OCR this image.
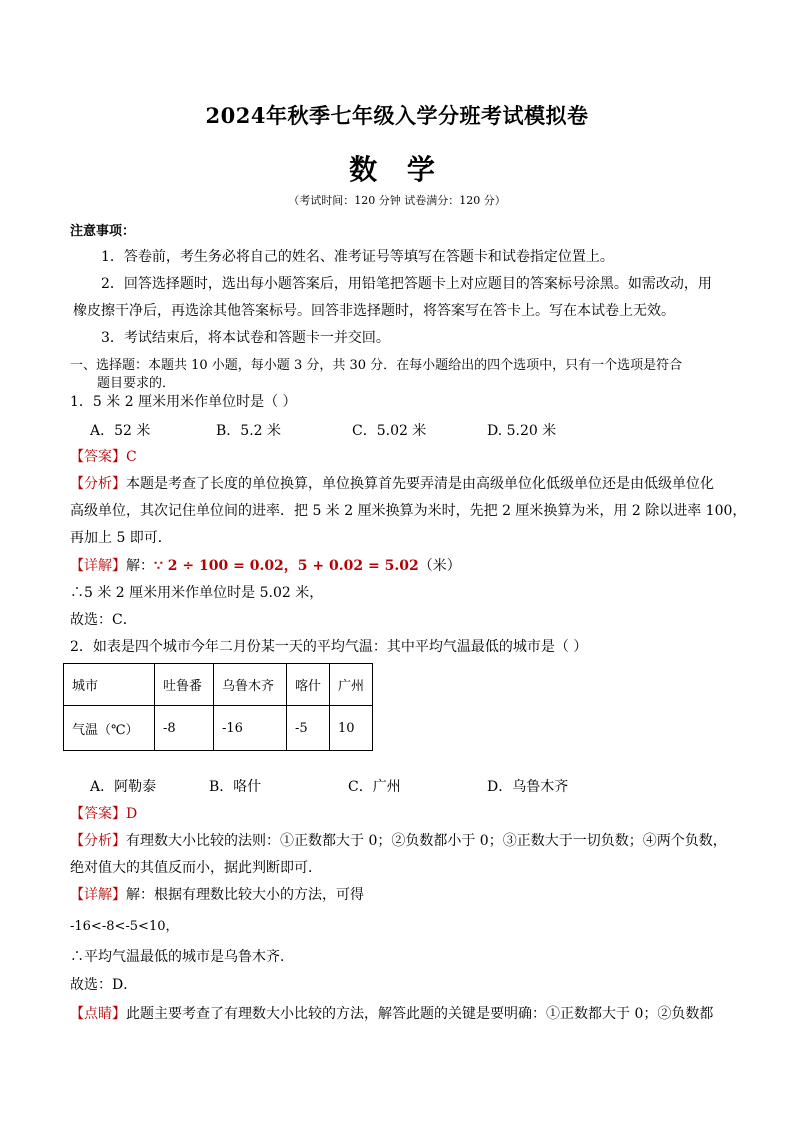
2024年秋季七年级入学分班考试模拟卷
数 学
（考试时间：120 分钟 试卷满分：120 分）
注意事项：
1．答卷前，考生务必将自己的姓名、准考证号等填写在答题卡和试卷指定位置上。
2．回答选择题时，选出每小题答案后，用铅笔把答题卡上对应题目的答案标号涂黑。如需改动，用
橡皮擦干净后，再选涂其他答案标号。回答非选择题时，将答案写在答卡上。写在本试卷上无效。
3．考试结束后，将本试卷和答题卡一并交回。
一、选择题：本题共 10 小题，每小题 3 分，共 30 分．在每小题给出的四个选项中，只有一个选项是符合
题目要求的．
1．5 米 2 厘米用米作单位时是（ ）
A．52 米	B．5.2 米	C．5.02 米	D. 5.20 米
【答案】C
【分析】本题是考查了长度的单位换算，单位换算首先要弄清是由高级单位化低级单位还是由低级单位化
高级单位，其次记住单位间的进率．把 5 米 2 厘米换算为米时，先把 2 厘米换算为米，用 2 除以进率 100，
再加上 5 即可．
【详解】解：∵ 2 ÷ 100 = 0.02，5 + 0.02 = 5.02（米）
∴5 米 2 厘米用米作单位时是 5.02 米，
故选：C．
2．如表是四个城市今年二月份某一天的平均气温：其中平均气温最低的城市是（ ）
城市	吐鲁番	乌鲁木齐	喀什	广州
气温（℃）	-8	-16	-5	10
A．阿勒泰	B．咯什	C．广州	D．乌鲁木齐
【答案】D
【分析】有理数大小比较的法则：①正数都大于 0；②负数都小于 0；③正数大于一切负数；④两个负数，
绝对值大的其值反而小，据此判断即可．
【详解】解：根据有理数比较大小的方法，可得
-16<-8<-5<10，
∴平均气温最低的城市是乌鲁木齐．
故选：D．
【点睛】此题主要考查了有理数大小比较的方法，解答此题的关键是要明确：①正数都大于 0；②负数都
